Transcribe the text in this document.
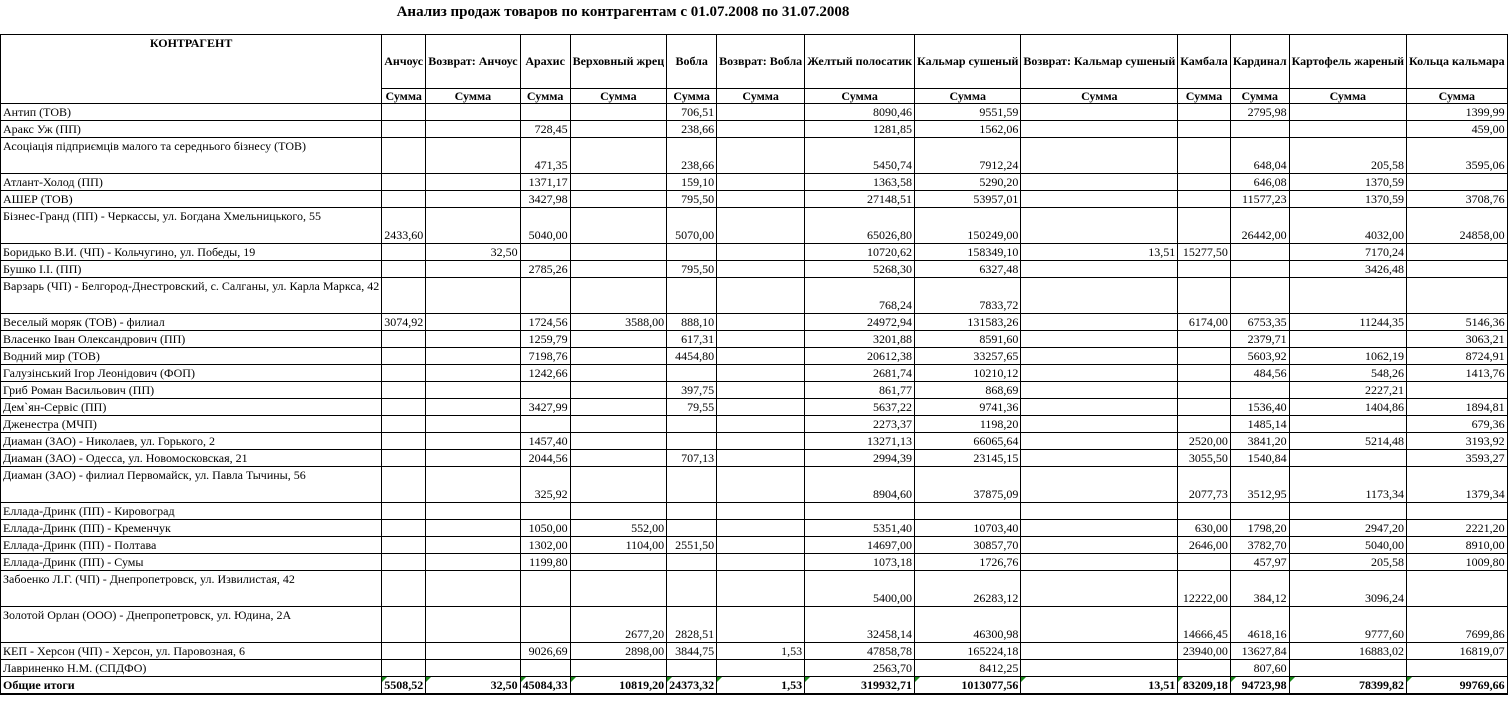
Анализ продаж товаров по контрагентам с 01.07.2008 по 31.07.2008
КОНТРАГЕНТ	Анчоус	Возврат: Анчоус	Арахис	Верховный жрец	Вобла	Возврат: Вобла	Желтый полосатик	Кальмар сушеный	Возврат: Кальмар сушеный	Камбала	Кардинал	Картофель жареный	Кольца кальмара
	Сумма	Сумма	Сумма	Сумма	Сумма	Сумма	Сумма	Сумма	Сумма	Сумма	Сумма	Сумма	Сумма
Антип (ТОВ)					706,51		8090,46	9551,59			2795,98		1399,99
Аракс Уж (ПП)			728,45		238,66		1281,85	1562,06					459,00
Асоціація підприємців малого та середнього бізнесу (ТОВ)			471,35		238,66		5450,74	7912,24			648,04	205,58	3595,06
Атлант-Холод (ПП)			1371,17		159,10		1363,58	5290,20			646,08	1370,59	
АШЕР (ТОВ)			3427,98		795,50		27148,51	53957,01			11577,23	1370,59	3708,76
Бізнес-Гранд (ПП) - Черкассы, ул. Богдана Хмельницького, 55	2433,60		5040,00		5070,00		65026,80	150249,00			26442,00	4032,00	24858,00
Боридько В.И. (ЧП) - Кольчугино, ул. Победы, 19		32,50					10720,62	158349,10	13,51	15277,50		7170,24	
Бушко І.І. (ПП)			2785,26		795,50		5268,30	6327,48				3426,48	
Варзарь (ЧП) - Белгород-Днестровский, с. Салганы, ул. Карла Маркса, 42							768,24	7833,72					
Веселый моряк (ТОВ) - филиал	3074,92		1724,56	3588,00	888,10		24972,94	131583,26		6174,00	6753,35	11244,35	5146,36
Власенко Іван Олександрович (ПП)			1259,79		617,31		3201,88	8591,60			2379,71		3063,21
Водний мир (ТОВ)			7198,76		4454,80		20612,38	33257,65			5603,92	1062,19	8724,91
Галузінський Ігор Леонідович (ФОП)			1242,66				2681,74	10210,12			484,56	548,26	1413,76
Гриб Роман Васильович (ПП)					397,75		861,77	868,69				2227,21	
Дем`ян-Сервіс (ПП)			3427,99		79,55		5637,22	9741,36			1536,40	1404,86	1894,81
Дженестра (МЧП)							2273,37	1198,20			1485,14		679,36
Диаман (ЗАО) - Николаев, ул. Горького, 2			1457,40				13271,13	66065,64		2520,00	3841,20	5214,48	3193,92
Диаман (ЗАО) - Одесса, ул. Новомосковская, 21			2044,56		707,13		2994,39	23145,15		3055,50	1540,84		3593,27
Диаман (ЗАО) - филиал Первомайск, ул. Павла Тычины, 56			325,92				8904,60	37875,09		2077,73	3512,95	1173,34	1379,34
Еллада-Дринк (ПП) - Кировоград													
Еллада-Дринк (ПП) - Кременчук			1050,00	552,00			5351,40	10703,40		630,00	1798,20	2947,20	2221,20
Еллада-Дринк (ПП) - Полтава			1302,00	1104,00	2551,50		14697,00	30857,70		2646,00	3782,70	5040,00	8910,00
Еллада-Дринк (ПП) - Сумы			1199,80				1073,18	1726,76			457,97	205,58	1009,80
Забоенко Л.Г. (ЧП) - Днепропетровск, ул. Извилистая, 42							5400,00	26283,12		12222,00	384,12	3096,24	
Золотой Орлан (ООО) - Днепропетровск, ул. Юдина, 2А				2677,20	2828,51		32458,14	46300,98		14666,45	4618,16	9777,60	7699,86
КЕП - Херсон (ЧП) - Херсон, ул. Паровозная, 6			9026,69	2898,00	3844,75	1,53	47858,78	165224,18		23940,00	13627,84	16883,02	16819,07
Лавриненко Н.М. (СПДФО)							2563,70	8412,25			807,60		
Общие итоги	5508,52	32,50	45084,33	10819,20	24373,32	1,53	319932,71	1013077,56	13,51	83209,18	94723,98	78399,82	99769,66
